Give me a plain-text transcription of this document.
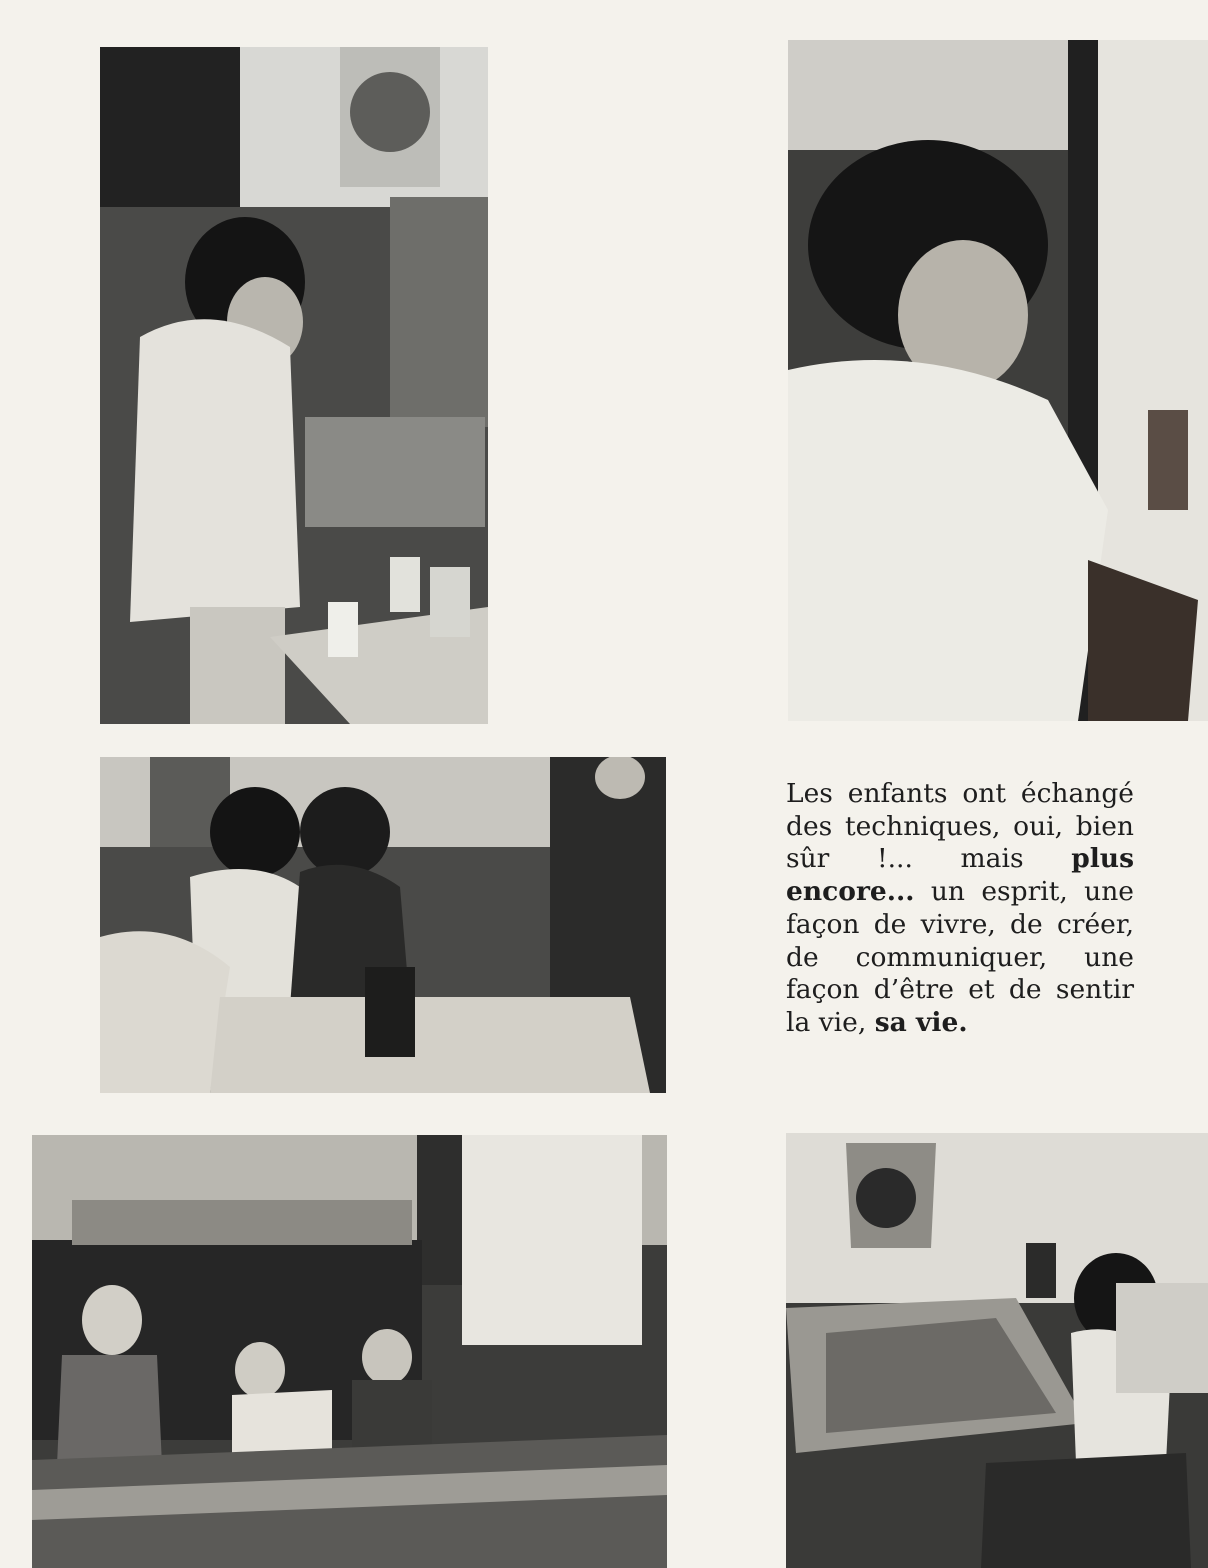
Les enfants ont échangé des techniques, oui, bien sûr !... mais plus encore... un esprit, une façon de vivre, de créer, de communiquer, une façon d’être et de sentir la vie, sa vie.
